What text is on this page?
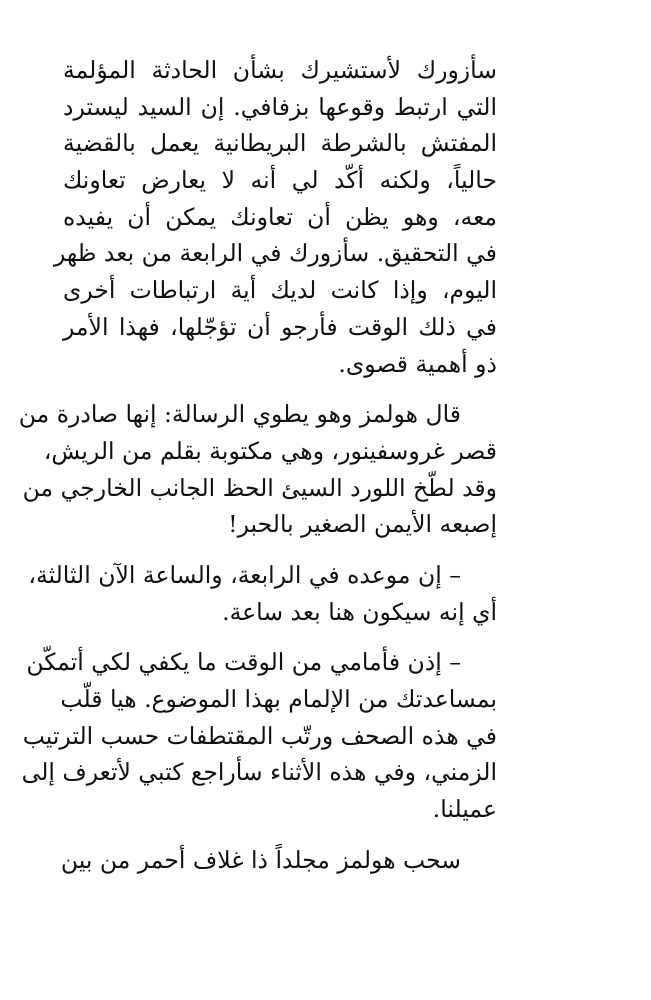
سأزورك لأستشيرك بشأن الحادثة المؤلمة
التي ارتبط وقوعها بزفافي. إن السيد ليسترد
المفتش بالشرطة البريطانية يعمل بالقضية
حالياً، ولكنه أكّد لي أنه لا يعارض تعاونك
معه، وهو يظن أن تعاونك يمكن أن يفيده
في التحقيق. سأزورك في الرابعة من بعد ظهر
اليوم، وإذا كانت لديك أية ارتباطات أخرى
في ذلك الوقت فأرجو أن تؤجّلها، فهذا الأمر
ذو أهمية قصوى.

قال هولمز وهو يطوي الرسالة: إنها صادرة من
قصر غروسفينور، وهي مكتوبة بقلم من الريش،
وقد لطّخ اللورد السيئ الحظ الجانب الخارجي من
إصبعه الأيمن الصغير بالحبر!

– إن موعده في الرابعة، والساعة الآن الثالثة،
أي إنه سيكون هنا بعد ساعة.

– إذن فأمامي من الوقت ما يكفي لكي أتمكّن
بمساعدتك من الإلمام بهذا الموضوع. هيا قلّب
في هذه الصحف ورتّب المقتطفات حسب الترتيب
الزمني، وفي هذه الأثناء سأراجع كتبي لأتعرف إلى
عميلنا.

سحب هولمز مجلداً ذا غلاف أحمر من بين
